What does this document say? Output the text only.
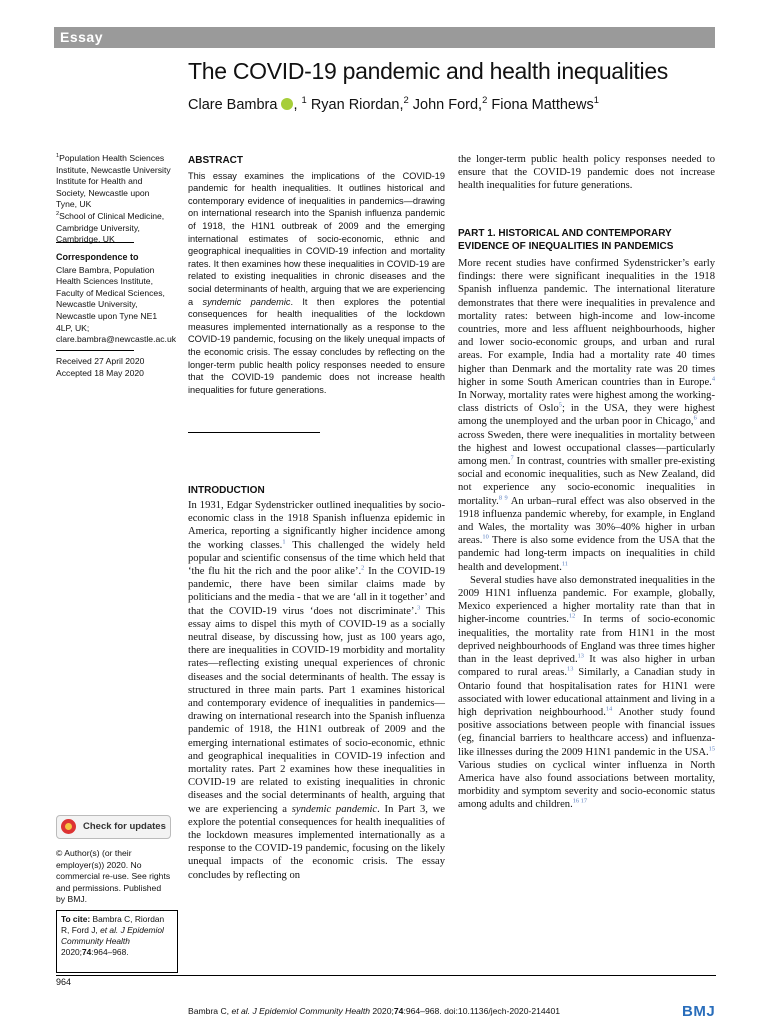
Essay
The COVID-19 pandemic and health inequalities
Clare Bambra , $^1$ Ryan Riordan,$^2$ John Ford,$^2$ Fiona Matthews$^1$
$^1$Population Health Sciences Institute, Newcastle University Institute for Health and Society, Newcastle upon Tyne, UK
$^2$School of Clinical Medicine, Cambridge University, Cambridge, UK
Correspondence to
Clare Bambra, Population Health Sciences Institute, Faculty of Medical Sciences, Newcastle University, Newcastle upon Tyne NE1 4LP, UK; clare.bambra@newcastle.ac.uk
Received 27 April 2020
Accepted 18 May 2020
Check for updates
© Author(s) (or their employer(s)) 2020. No commercial re-use. See rights and permissions. Published by BMJ.
To cite: Bambra C, Riordan R, Ford J, et al. J Epidemiol Community Health 2020;74:964–968.
ABSTRACT
This essay examines the implications of the COVID-19 pandemic for health inequalities. It outlines historical and contemporary evidence of inequalities in pandemics—drawing on international research into the Spanish influenza pandemic of 1918, the H1N1 outbreak of 2009 and the emerging international estimates of socio-economic, ethnic and geographical inequalities in COVID-19 infection and mortality rates. It then examines how these inequalities in COVID-19 are related to existing inequalities in chronic diseases and the social determinants of health, arguing that we are experiencing a syndemic pandemic. It then explores the potential consequences for health inequalities of the lockdown measures implemented internationally as a response to the COVID-19 pandemic, focusing on the likely unequal impacts of the economic crisis. The essay concludes by reflecting on the longer-term public health policy responses needed to ensure that the COVID-19 pandemic does not increase health inequalities for future generations.
INTRODUCTION

In 1931, Edgar Sydenstricker outlined inequalities by socio-economic class in the 1918 Spanish influenza epidemic in America, reporting a significantly higher incidence among the working classes.$^1$ This challenged the widely held popular and scientific consensus of the time which held that ‘the flu hit the rich and the poor alike’.$^2$ In the COVID-19 pandemic, there have been similar claims made by politicians and the media - that we are ‘all in it together’ and that the COVID-19 virus ‘does not discriminate’.$^3$ This essay aims to dispel this myth of COVID-19 as a socially neutral disease, by discussing how, just as 100 years ago, there are inequalities in COVID-19 morbidity and mortality rates—reflecting existing unequal experiences of chronic diseases and the social determinants of health. The essay is structured in three main parts. Part 1 examines historical and contemporary evidence of inequalities in pandemics—drawing on international research into the Spanish influenza pandemic of 1918, the H1N1 outbreak of 2009 and the emerging international estimates of socio-economic, ethnic and geographical inequalities in COVID-19 infection and mortality rates. Part 2 examines how these inequalities in COVID-19 are related to existing inequalities in chronic diseases and the social determinants of health, arguing that we are experiencing a syndemic pandemic. In Part 3, we explore the potential consequences for health inequalities of the lockdown measures implemented internationally as a response to the COVID-19 pandemic, focusing on the likely unequal impacts of the economic crisis. The essay concludes by reflecting on

the longer-term public health policy responses needed to ensure that the COVID-19 pandemic does not increase health inequalities for future generations.

PART 1. HISTORICAL AND CONTEMPORARY EVIDENCE OF INEQUALITIES IN PANDEMICS

More recent studies have confirmed Sydenstricker’s early findings: there were significant inequalities in the 1918 Spanish influenza pandemic. The international literature demonstrates that there were inequalities in prevalence and mortality rates: between high-income and low-income countries, more and less affluent neighbourhoods, higher and lower socio-economic groups, and urban and rural areas. For example, India had a mortality rate 40 times higher than Denmark and the mortality rate was 20 times higher in some South American countries than in Europe.$^4$ In Norway, mortality rates were highest among the working-class districts of Oslo$^5$; in the USA, they were highest among the unemployed and the urban poor in Chicago,$^6$ and across Sweden, there were inequalities in mortality between the highest and lowest occupational classes—particularly among men.$^7$ In contrast, countries with smaller pre-existing social and economic inequalities, such as New Zealand, did not experience any socio-economic inequalities in mortality.$^{8 9}$ An urban–rural effect was also observed in the 1918 influenza pandemic whereby, for example, in England and Wales, the mortality was 30%–40% higher in urban areas.$^{10}$ There is also some evidence from the USA that the pandemic had long-term impacts on inequalities in child health and development.$^{11}$

Several studies have also demonstrated inequalities in the 2009 H1N1 influenza pandemic. For example, globally, Mexico experienced a higher mortality rate than that in higher-income countries.$^{12}$ In terms of socio-economic inequalities, the mortality rate from H1N1 in the most deprived neighbourhoods of England was three times higher than in the least deprived.$^{13}$ It was also higher in urban compared to rural areas.$^{13}$ Similarly, a Canadian study in Ontario found that hospitalisation rates for H1N1 were associated with lower educational attainment and living in a high deprivation neighbourhood.$^{14}$ Another study found positive associations between people with financial issues (eg, financial barriers to healthcare access) and influenza-like illnesses during the 2009 H1N1 pandemic in the USA.$^{15}$ Various studies on cyclical winter influenza in North America have also found associations between mortality, morbidity and symptom severity and socio-economic status among adults and children.$^{16 17}$

964
Bambra C, et al. J Epidemiol Community Health 2020;74:964–968. doi:10.1136/jech-2020-214401	BMJ
